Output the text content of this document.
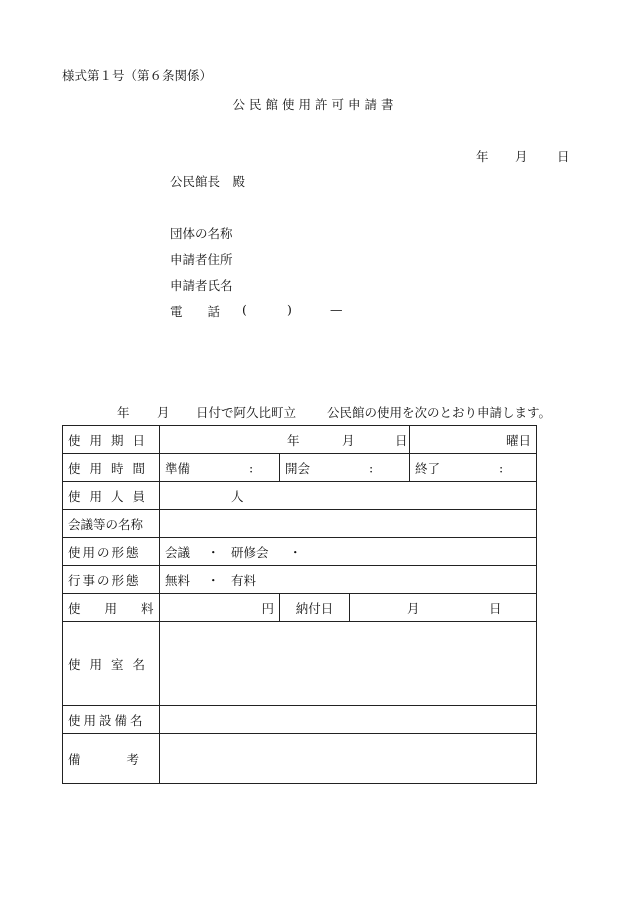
様式第１号（第６条関係）
公民館使用許可申請書
年 月 日
公民館長　殿
団体の名称
申請者住所
申請者氏名
電　　話 (	)	—
年 月 日付で阿久比町立 公民館の使用を次のとおり申請します。
使用期日	年 月 日			曜日
使用時間	準備 :	開会 :		終了 :

使用人員	人			

会議等の名称				
使用の形態	会議 ・ 研修会 ・			

行事の形態	無料 ・ 有料			

使用料	円	納付日	月 日	

使用室名				
使用設備名				
備考				
